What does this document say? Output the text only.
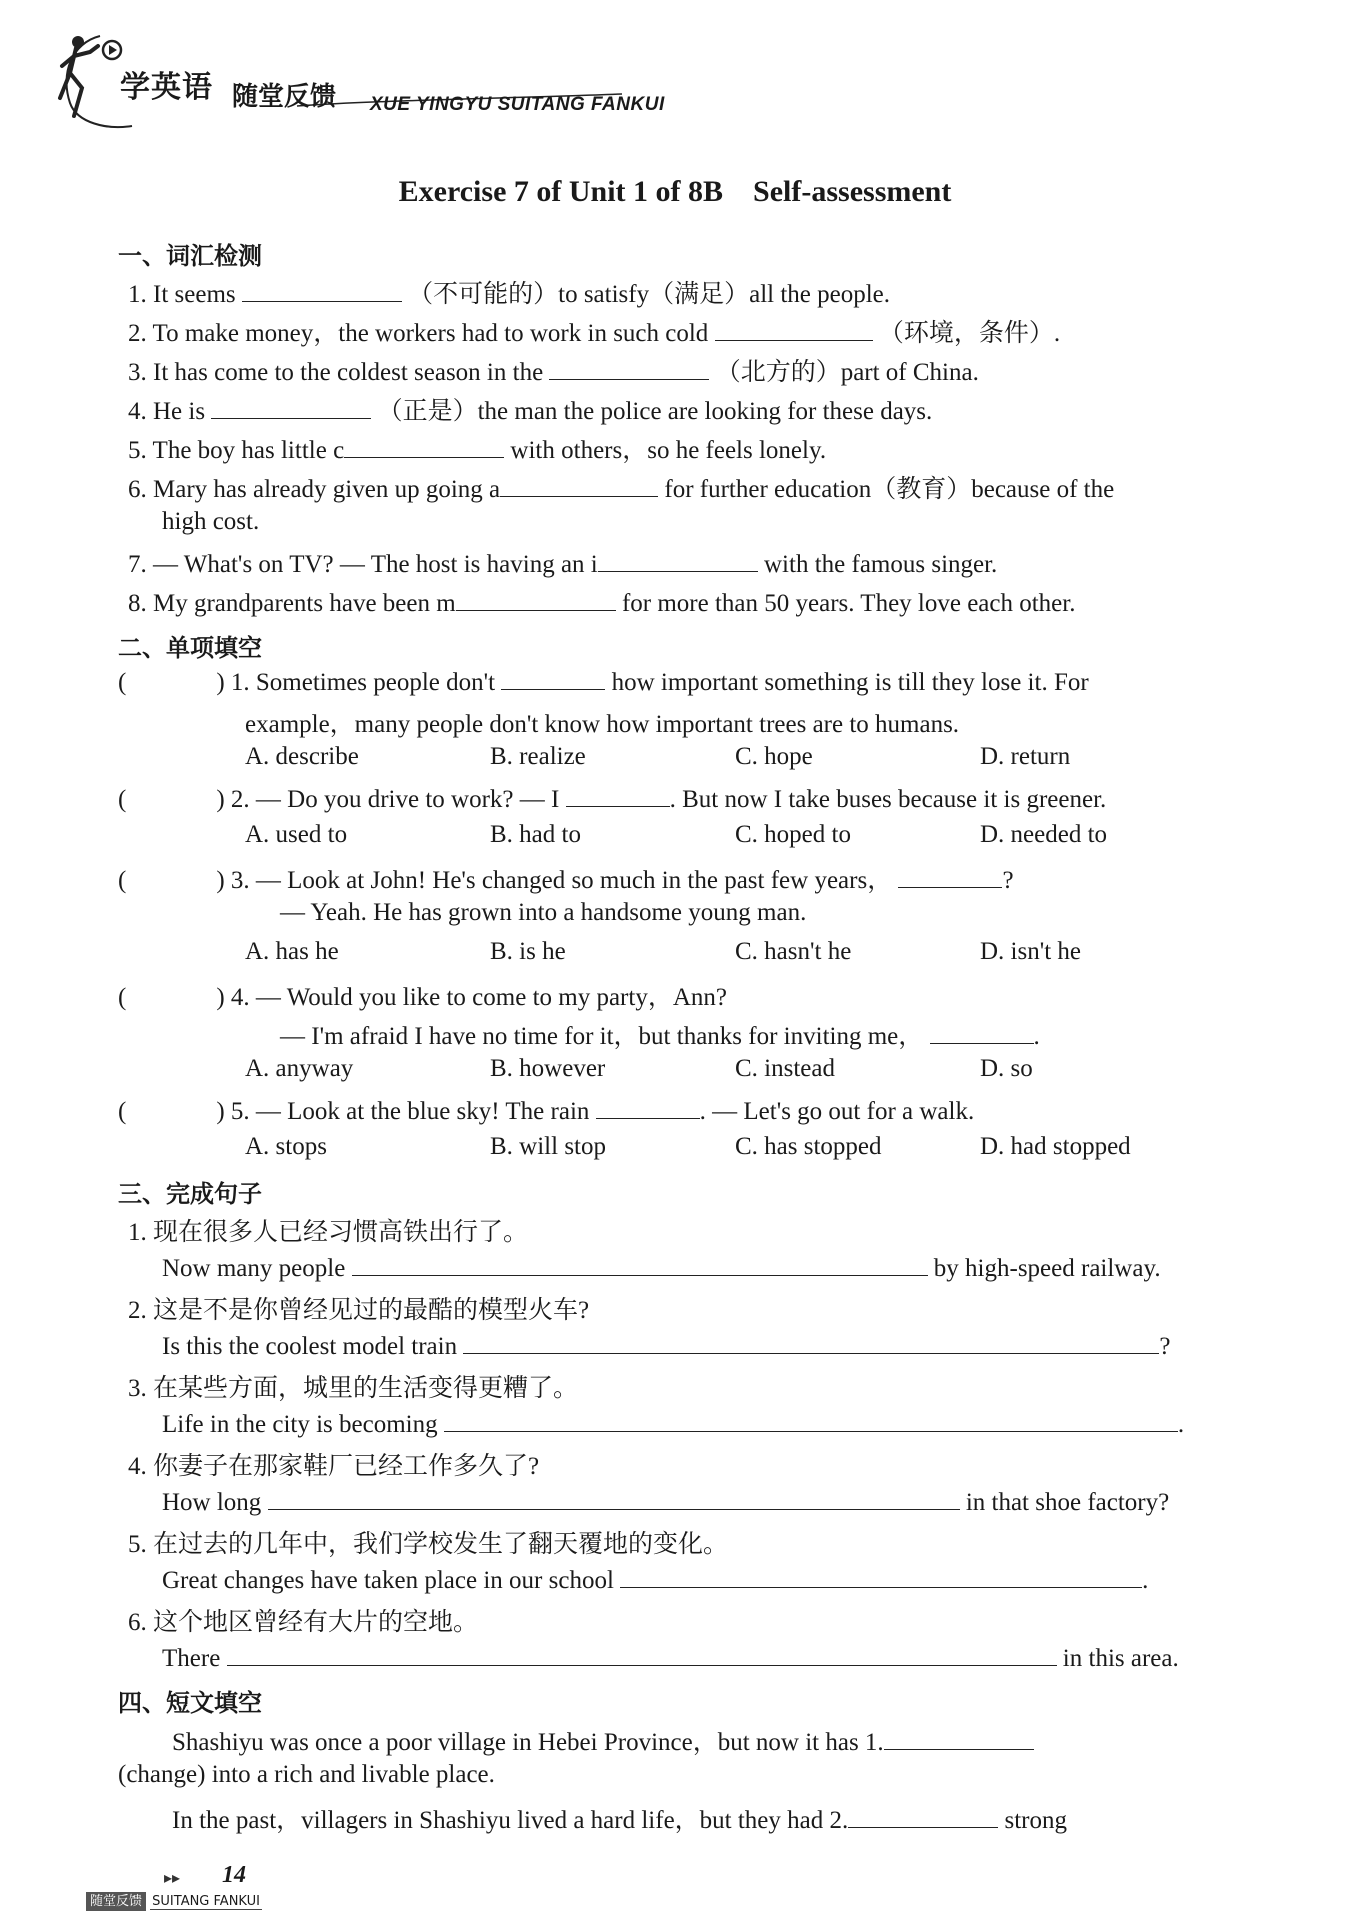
学英语 随堂反馈 XUE YINGYU SUITANG FANKUI
Exercise 7 of Unit 1 of 8B　Self-assessment
一、词汇检测
1. It seems	（不可能的）to satisfy（满足）all the people.
2. To make money，the workers had to work in such cold	（环境，条件）.
3. It has come to the coldest season in the	（北方的）part of China.
4. He is	（正是）the man the police are looking for these days.
5. The boy has little c	with others，so he feels lonely.
6. Mary has already given up going a	for further education（教育）because of the
high cost.
7. — What's on TV? — The host is having an i	with the famous singer.
8. My grandparents have been m	for more than 50 years. They love each other.
二、单项填空
(	) 1. Sometimes people don't	how important something is till they lose it. For
example，many people don't know how important trees are to humans.
A. describe	B. realize	C. hope	D. return
(	) 2. — Do you drive to work? — I	. But now I take buses because it is greener.
A. used to	B. had to	C. hoped to	D. needed to
(	) 3. — Look at John! He's changed so much in the past few years，	?
— Yeah. He has grown into a handsome young man.
A. has he	B. is he	C. hasn't he	D. isn't he
(	) 4. — Would you like to come to my party，Ann?
— I'm afraid I have no time for it，but thanks for inviting me，	.
A. anyway	B. however	C. instead	D. so
(	) 5. — Look at the blue sky! The rain	. — Let's go out for a walk.
A. stops	B. will stop	C. has stopped	D. had stopped
三、完成句子
1. 现在很多人已经习惯高铁出行了。
Now many people	by high-speed railway.
2. 这是不是你曾经见过的最酷的模型火车?
Is this the coolest model train	?
3. 在某些方面，城里的生活变得更糟了。
Life in the city is becoming	.
4. 你妻子在那家鞋厂已经工作多久了?
How long	in that shoe factory?
5. 在过去的几年中，我们学校发生了翻天覆地的变化。
Great changes have taken place in our school	.
6. 这个地区曾经有大片的空地。
There	in this area.
四、短文填空
Shashiyu was once a poor village in Hebei Province，but now it has 1.
(change) into a rich and livable place.
In the past，villagers in Shashiyu lived a hard life，but they had 2.	strong
▸▸ 14
随堂反馈 SUITANG FANKUI
